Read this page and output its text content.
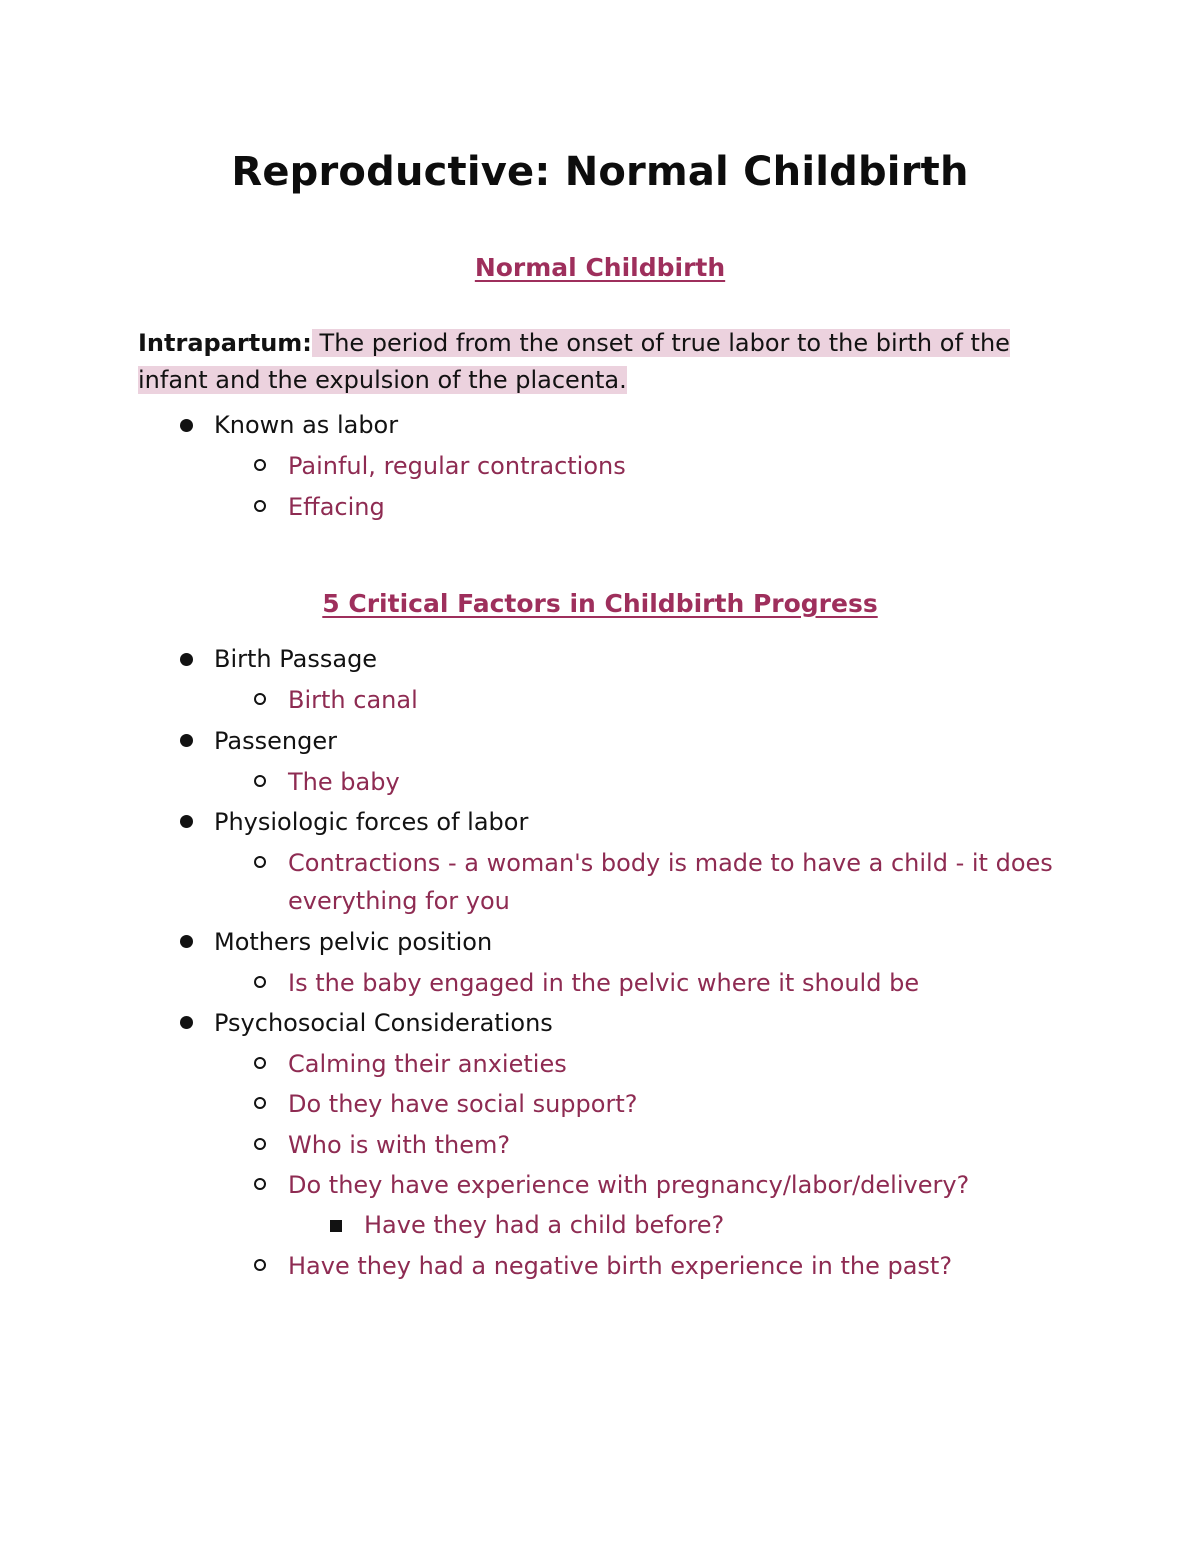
Reproductive: Normal Childbirth
Normal Childbirth

Intrapartum: The period from the onset of true labor to the birth of the infant and the expulsion of the placenta.

Known as labor
Painful, regular contractions
Effacing
5 Critical Factors in Childbirth Progress
Birth Passage
Birth canal
Passenger
The baby
Physiologic forces of labor
Contractions - a woman's body is made to have a child - it does everything for you
Mothers pelvic position
Is the baby engaged in the pelvic where it should be
Psychosocial Considerations
Calming their anxieties
Do they have social support?
Who is with them?
Do they have experience with pregnancy/labor/delivery?
Have they had a child before?
Have they had a negative birth experience in the past?
